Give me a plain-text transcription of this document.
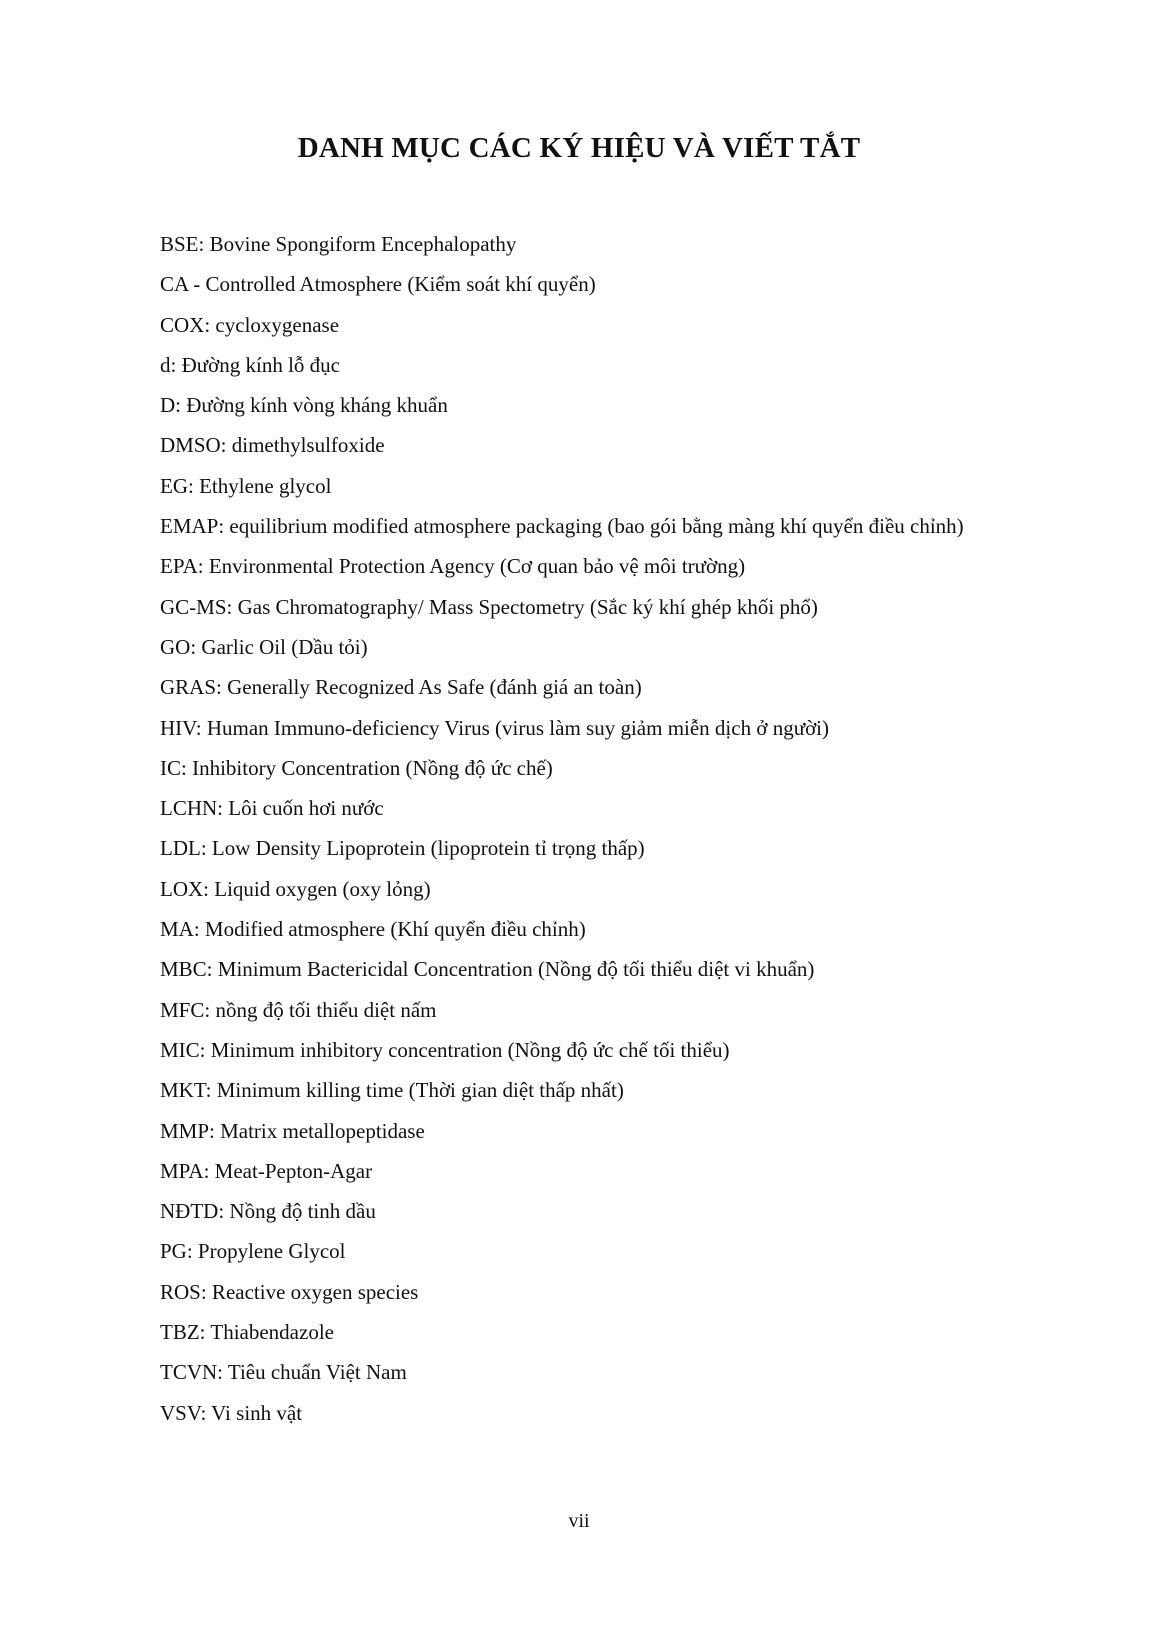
DANH MỤC CÁC KÝ HIỆU VÀ VIẾT TẮT
BSE: Bovine Spongiform Encephalopathy
CA - Controlled Atmosphere (Kiểm soát khí quyển)
COX: cycloxygenase
d: Đường kính lỗ đục
D: Đường kính vòng kháng khuẩn
DMSO: dimethylsulfoxide
EG: Ethylene glycol
EMAP: equilibrium modified atmosphere packaging (bao gói bằng màng khí quyển điều chỉnh)
EPA: Environmental Protection Agency (Cơ quan bảo vệ môi trường)
GC-MS: Gas Chromatography/ Mass Spectometry (Sắc ký khí ghép khối phổ)
GO: Garlic Oil (Dầu tỏi)
GRAS: Generally Recognized As Safe (đánh giá an toàn)
HIV: Human Immuno-deficiency Virus (virus làm suy giảm miễn dịch ở người)
IC: Inhibitory Concentration (Nồng độ ức chế)
LCHN: Lôi cuốn hơi nước
LDL: Low Density Lipoprotein (lipoprotein tỉ trọng thấp)
LOX: Liquid oxygen (oxy lỏng)
MA: Modified atmosphere (Khí quyển điều chỉnh)
MBC: Minimum Bactericidal Concentration (Nồng độ tối thiểu diệt vi khuẩn)
MFC: nồng độ tối thiểu diệt nấm
MIC: Minimum inhibitory concentration (Nồng độ ức chế tối thiểu)
MKT: Minimum killing time (Thời gian diệt thấp nhất)
MMP: Matrix metallopeptidase
MPA: Meat-Pepton-Agar
NĐTD: Nồng độ tinh dầu
PG: Propylene Glycol
ROS: Reactive oxygen species
TBZ: Thiabendazole
TCVN: Tiêu chuẩn Việt Nam
VSV: Vi sinh vật
vii
